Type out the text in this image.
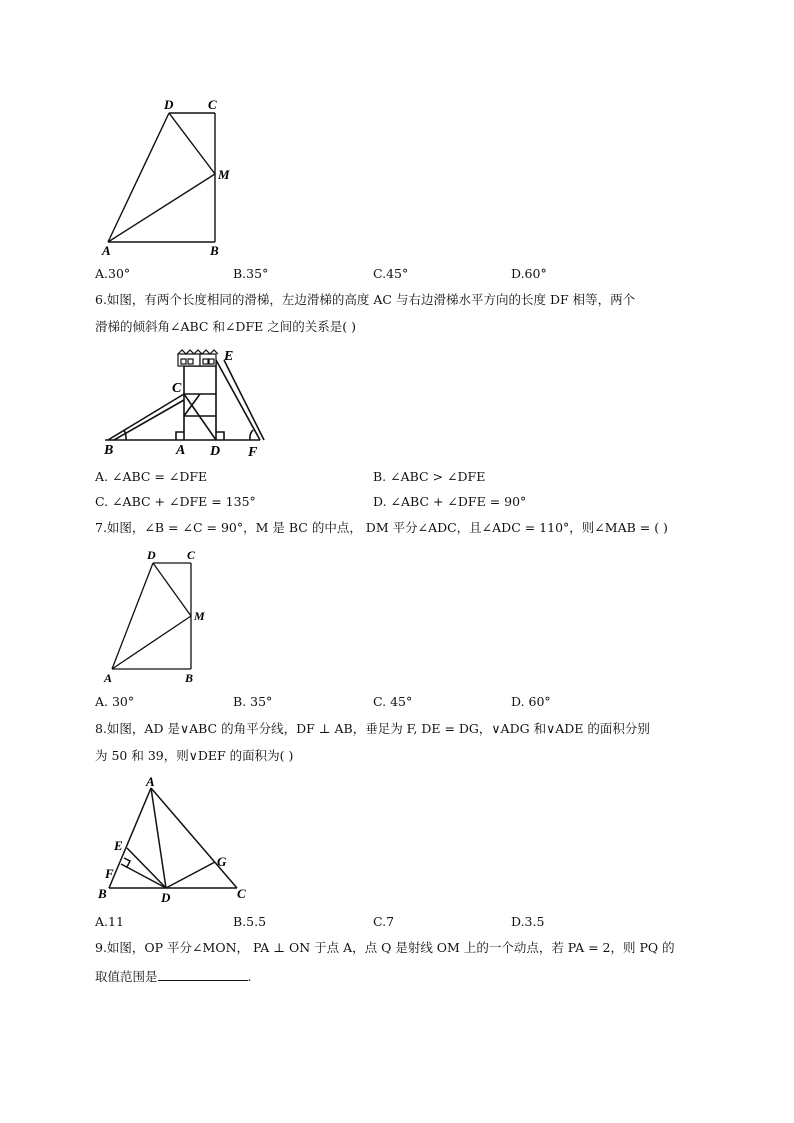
D	C
M
A	B
A.30°	B.35°	C.45°	D.60°
6.如图，有两个长度相同的滑梯，左边滑梯的高度 AC 与右边滑梯水平方向的长度 DF 相等，两个
滑梯的倾斜角∠ABC 和∠DFE 之间的关系是( )
E
C
B	A D F
A. ∠ABC = ∠DFE	B. ∠ABC > ∠DFE
C. ∠ABC + ∠DFE = 135°	D. ∠ABC + ∠DFE = 90°
7.如图，∠B = ∠C = 90°，M 是 BC 的中点， DM 平分∠ADC，且∠ADC = 110°，则∠MAB = ( )
D	C
M
A	B
A. 30°	B. 35°	C. 45°	D. 60°
8.如图，AD 是∨ABC 的角平分线，DF ⊥ AB，垂足为 F, DE = DG，∨ADG 和∨ADE 的面积分别
为 50 和 39，则∨DEF 的面积为( )
A
E
F
B	D
G
C
A.11	B.5.5	C.7	D.3.5
9.如图，OP 平分∠MON， PA ⊥ ON 于点 A，点 Q 是射线 OM 上的一个动点，若 PA = 2，则 PQ 的
取值范围是	.
